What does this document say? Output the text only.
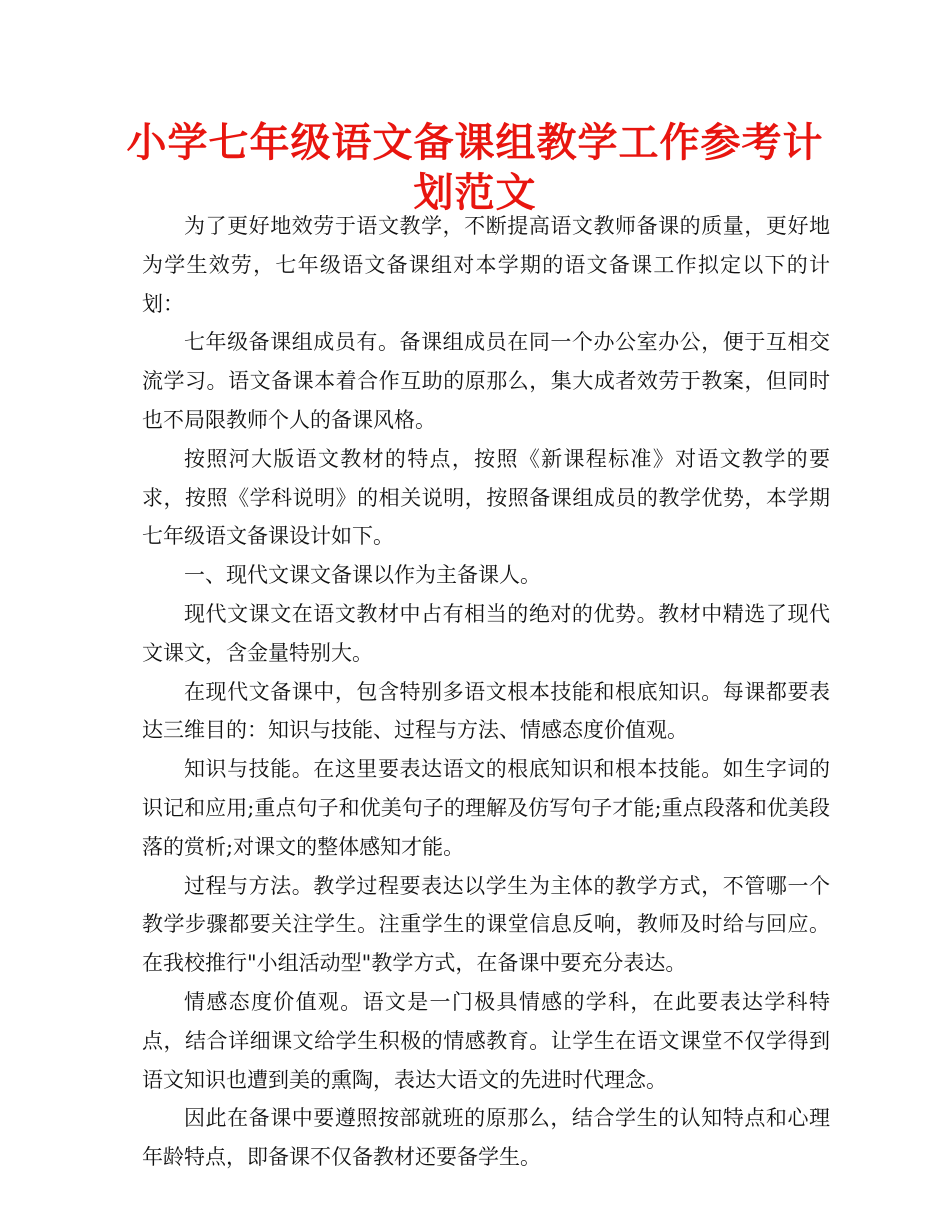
小学七年级语文备课组教学工作参考计划范文

为了更好地效劳于语文教学，不断提高语文教师备课的质量，更好地为学生效劳，七年级语文备课组对本学期的语文备课工作拟定以下的计划：

七年级备课组成员有。备课组成员在同一个办公室办公，便于互相交流学习。语文备课本着合作互助的原那么，集大成者效劳于教案，但同时也不局限教师个人的备课风格。

按照河大版语文教材的特点，按照《新课程标准》对语文教学的要求，按照《学科说明》的相关说明，按照备课组成员的教学优势，本学期七年级语文备课设计如下。

一、现代文课文备课以作为主备课人。

现代文课文在语文教材中占有相当的绝对的优势。教材中精选了现代文课文，含金量特别大。

在现代文备课中，包含特别多语文根本技能和根底知识。每课都要表达三维目的：知识与技能、过程与方法、情感态度价值观。

知识与技能。在这里要表达语文的根底知识和根本技能。如生字词的识记和应用;重点句子和优美句子的理解及仿写句子才能;重点段落和优美段落的赏析;对课文的整体感知才能。

过程与方法。教学过程要表达以学生为主体的教学方式，不管哪一个教学步骤都要关注学生。注重学生的课堂信息反响，教师及时给与回应。在我校推行"小组活动型"教学方式，在备课中要充分表达。

情感态度价值观。语文是一门极具情感的学科，在此要表达学科特点，结合详细课文给学生积极的情感教育。让学生在语文课堂不仅学得到语文知识也遭到美的熏陶，表达大语文的先进时代理念。

因此在备课中要遵照按部就班的原那么，结合学生的认知特点和心理年龄特点，即备课不仅备教材还要备学生。
